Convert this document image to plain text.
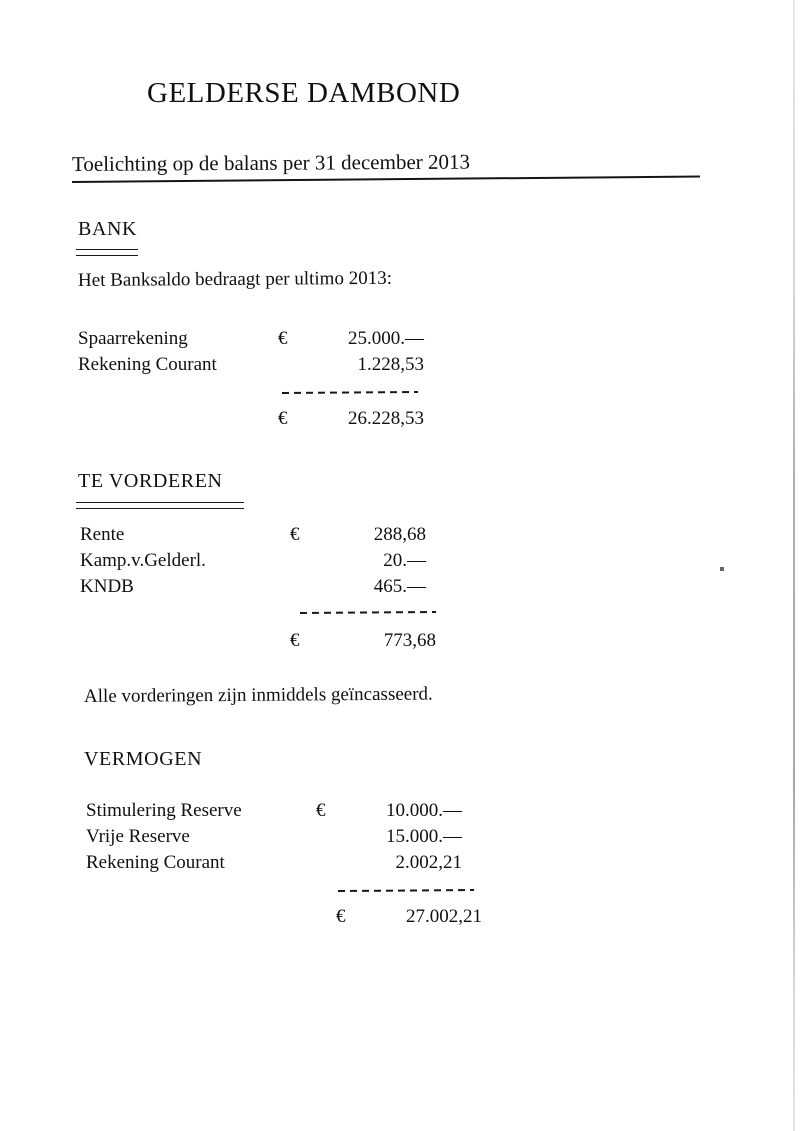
GELDERSE DAMBOND
Toelichting op de balans per 31 december 2013
BANK
Het Banksaldo bedraagt per ultimo 2013:
Spaarrekening	€	25.000.—
Rekening Courant	1.228,53
€	26.228,53
TE VORDEREN
Rente	€	288,68
Kamp.v.Gelderl.	20.—
KNDB	465.—
€	773,68
Alle vorderingen zijn inmiddels geïncasseerd.
VERMOGEN
Stimulering Reserve	€	10.000.—
Vrije Reserve	15.000.—
Rekening Courant	2.002,21
€	27.002,21
